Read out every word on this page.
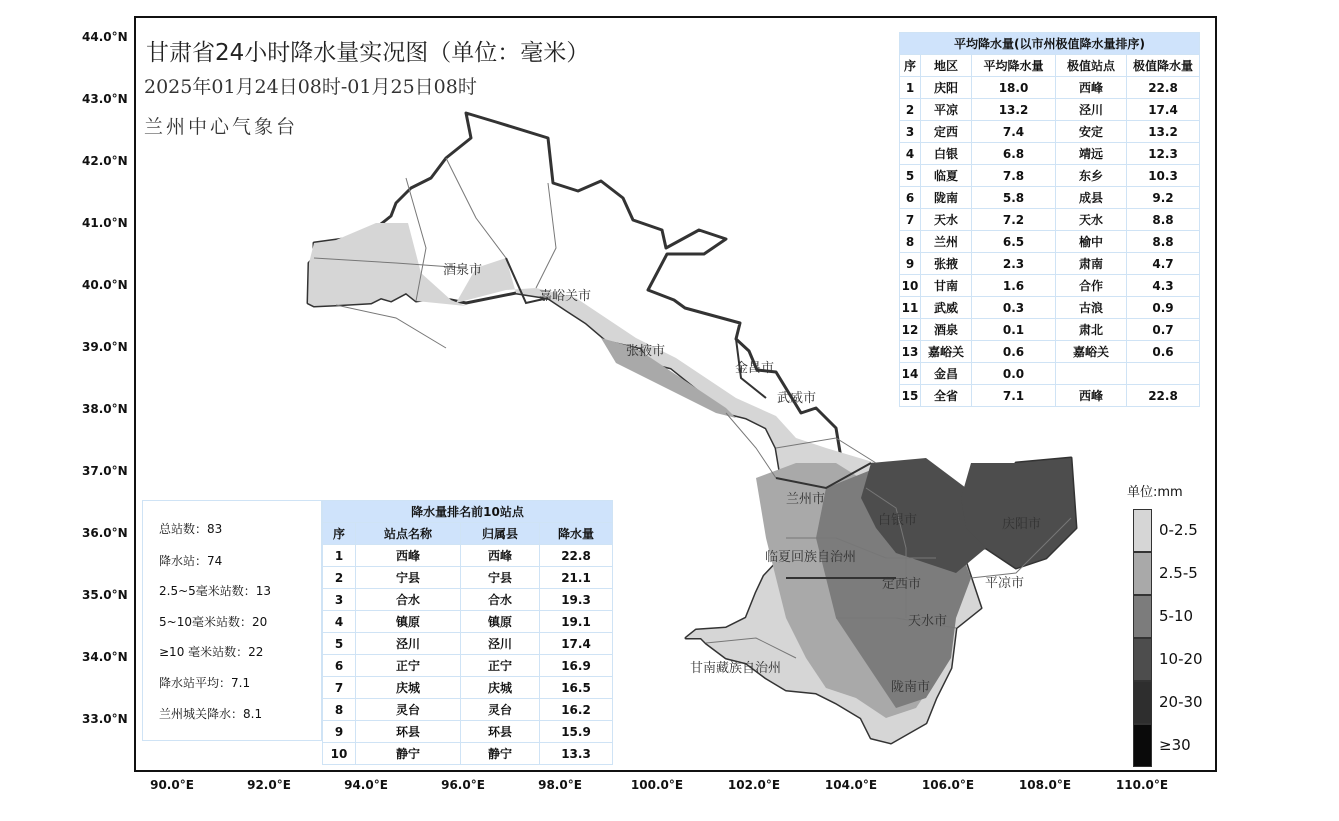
44.0°N
43.0°N
42.0°N
41.0°N
40.0°N
39.0°N
38.0°N
37.0°N
36.0°N
35.0°N
34.0°N
33.0°N
90.0°E	92.0°E	94.0°E	96.0°E	98.0°E	100.0°E	102.0°E	104.0°E	106.0°E	108.0°E	110.0°E
甘肃省24小时降水量实况图（单位：毫米）
2025年01月24日08时-01月25日08时
兰州中心气象台
酒泉市
嘉峪关市
张掖市
金昌市
武威市
兰州市
白银市	庆阳市
临夏回族自治州
定西市	平凉市
天水市
甘南藏族自治州
陇南市
平均降水量(以市州极值降水量排序)				
序	地区	平均降水量	极值站点	极值降水量
1	庆阳	18.0	西峰	22.8
2	平凉	13.2	泾川	17.4
3	定西	7.4	安定	13.2
4	白银	6.8	靖远	12.3
5	临夏	7.8	东乡	10.3
6	陇南	5.8	成县	9.2
7	天水	7.2	天水	8.8
8	兰州	6.5	榆中	8.8
9	张掖	2.3	肃南	4.7
10	甘南	1.6	合作	4.3
11	武威	0.3	古浪	0.9
12	酒泉	0.1	肃北	0.7
13	嘉峪关	0.6	嘉峪关	0.6
14	金昌	0.0		
15	全省	7.1	西峰	22.8
总站数：83
降水站：74
2.5~5毫米站数：13
5~10毫米站数：20
≥10 毫米站数：22
降水站平均：7.1
兰州城关降水：8.1
降水量排名前10站点			
序	站点名称	归属县	降水量
1	西峰	西峰	22.8
2	宁县	宁县	21.1
3	合水	合水	19.3
4	镇原	镇原	19.1
5	泾川	泾川	17.4
6	正宁	正宁	16.9
7	庆城	庆城	16.5
8	灵台	灵台	16.2
9	环县	环县	15.9
10	静宁	静宁	13.3
单位:mm
0-2.5
2.5-5
5-10
10-20
20-30
≥30
